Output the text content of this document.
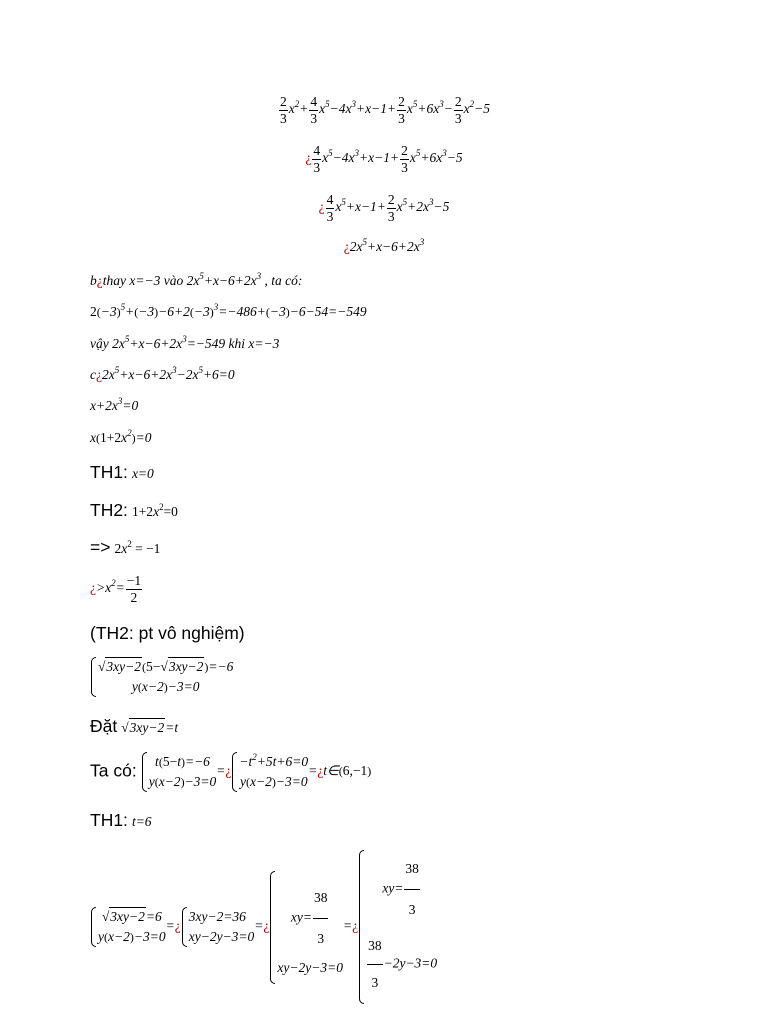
$\frac{2}{3} x^2+ \frac{4}{3} x^5-4x^3+x-1+ \frac{2}{3} x^5+6x^3- \frac{2}{3} x^2-5$
¿ $\frac{4}{3} x^5-4x^3+x-1+ \frac{2}{3} x^5+6x^3-5$
¿ $\frac{4}{3} x^5+x-1+ \frac{2}{3} x^5+2x^3-5$
¿$2x^5+x-6+2x^3$
b¿thay x=−3 vào $2x^5+x-6+2x^3$ , ta có:
$2(-3)^5+(-3)-6+2(-3)^3=-486+(-3)-6-54=-549$
vậy $2x^5+x-6+2x^3=-549$ khi x=−3
$c¿2x^5+x-6+2x^3-2x^5+6=0$
$x+2x^3=0$
$x(1+2x^2)=0$
TH1: x=0
TH2: $1+2x^2=0$
=> $2x^2 = -1$
¿$>x^2= \frac{-1}{2}$
(TH2: pt vô nghiệm)
√3xy−2(5−√3xy−2)=−6
y(x−2)−3=0
Đặt √3xy−2=t
Ta có:	t(5−t)=−6
y(x−2)−3=0
=¿
$-t^2+5t+6=0$
y(x−2)−3=0
=¿t∈(6,−1)
TH1: t=6
√3xy−2=6
y(x−2)−3=0
=¿
3xy−2=36
xy−2y−3=0
=¿
$xy= \frac{38}{3}$
xy−2y−3=0
=¿
$xy= \frac{38}{3}$
$\frac{38}{3} -2y-3=0$
